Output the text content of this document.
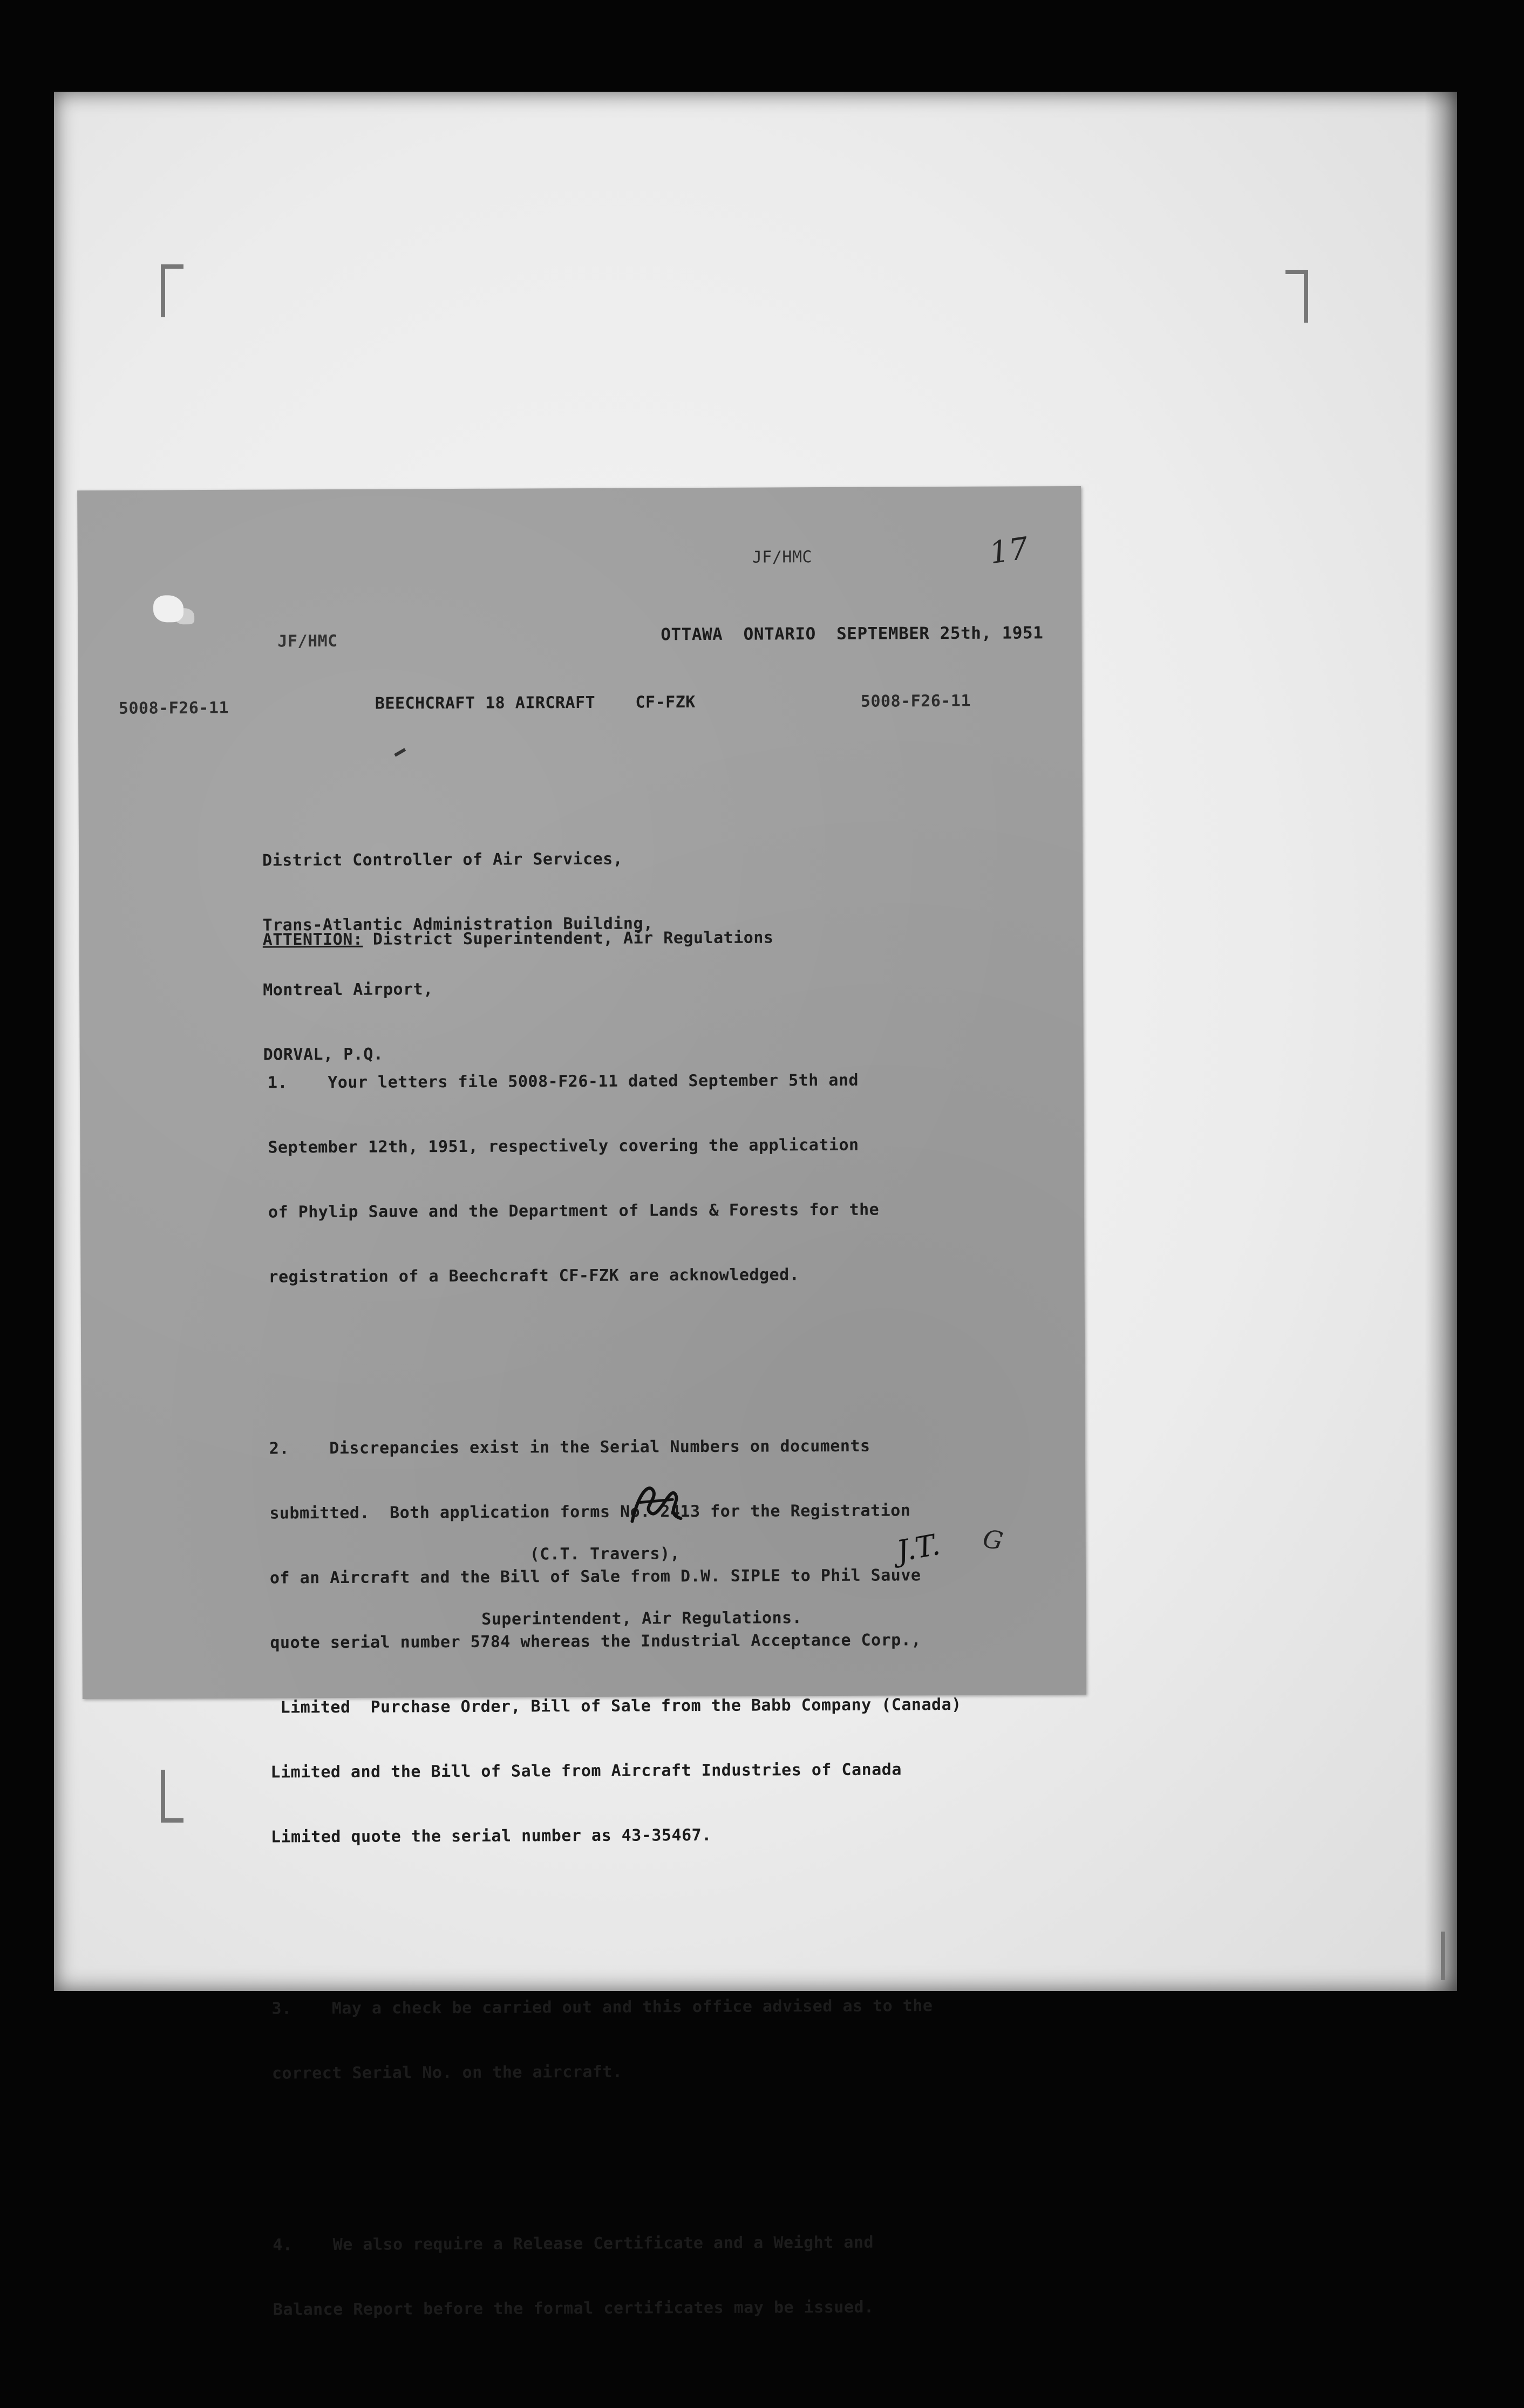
JF/HMC	17
JF/HMC	OTTAWA  ONTARIO  SEPTEMBER 25th, 1951
5008-F26-11	BEECHCRAFT 18 AIRCRAFT    CF-FZK	5008-F26-11

District Controller of Air Services,

Trans-Atlantic Administration Building,

Montreal Airport,

DORVAL, P.Q.

ATTENTION: District Superintendent, Air Regulations

1.    Your letters file 5008-F26-11 dated September 5th and

September 12th, 1951, respectively covering the application

of Phylip Sauve and the Department of Lands & Forests for the

registration of a Beechcraft CF-FZK are acknowledged.

2.    Discrepancies exist in the Serial Numbers on documents

submitted.  Both application forms No. 2413 for the Registration

of an Aircraft and the Bill of Sale from D.W. SIPLE to Phil Sauve

quote serial number 5784 whereas the Industrial Acceptance Corp.,

Limited  Purchase Order, Bill of Sale from the Babb Company (Canada)

Limited and the Bill of Sale from Aircraft Industries of Canada

Limited quote the serial number as 43-35467.

3.    May a check be carried out and this office advised as to the

correct Serial No. on the aircraft.

4.    We also require a Release Certificate and a Weight and

Balance Report before the formal certificates may be issued.

(C.T. Travers),

Superintendent, Air Regulations.

J.T. G
